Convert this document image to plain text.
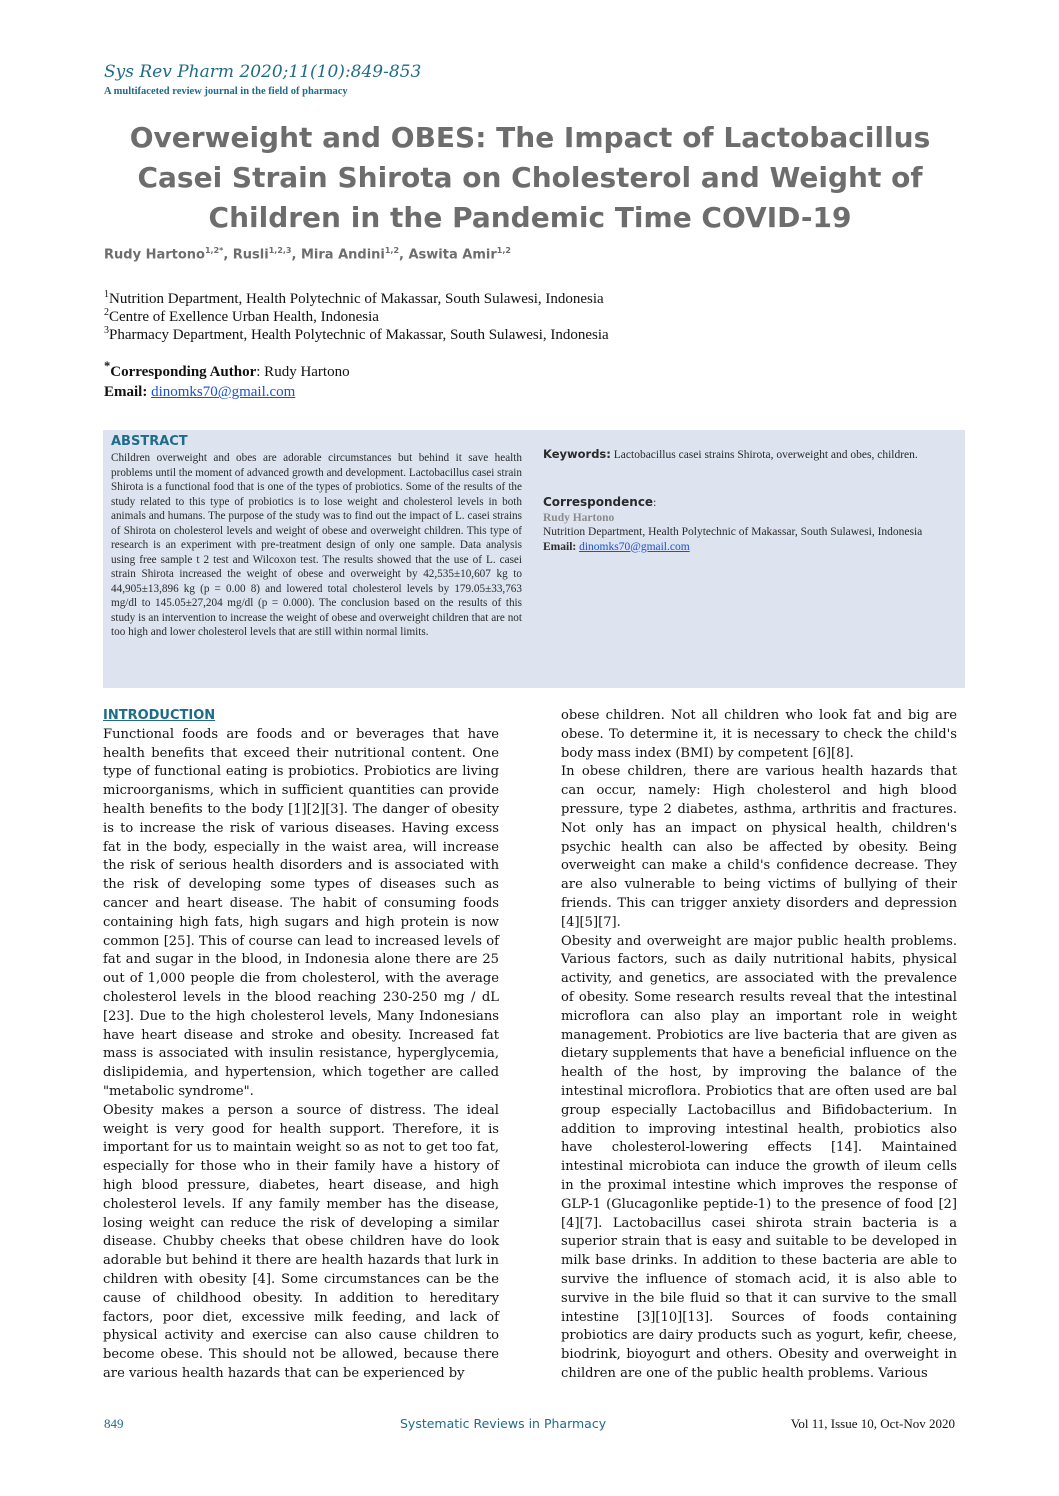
Sys Rev Pharm 2020;11(10):849-853
A multifaceted review journal in the field of pharmacy
Overweight and OBES: The Impact of Lactobacillus Casei Strain Shirota on Cholesterol and Weight of Children in the Pandemic Time COVID-19
Rudy Hartono$^{1,2*}$, Rusli$^{1,2,3}$, Mira Andini$^{1,2}$, Aswita Amir$^{1,2}$
$^1$Nutrition Department, Health Polytechnic of Makassar, South Sulawesi, Indonesia
$^2$Centre of Exellence Urban Health, Indonesia
$^3$Pharmacy Department, Health Polytechnic of Makassar, South Sulawesi, Indonesia
*Corresponding Author: Rudy Hartono
Email: dinomks70@gmail.com
ABSTRACT
Children overweight and obes are adorable circumstances but behind it save health problems until the moment of advanced growth and development. Lactobacillus casei strain Shirota is a functional food that is one of the types of probiotics. Some of the results of the study related to this type of probiotics is to lose weight and cholesterol levels in both animals and humans. The purpose of the study was to find out the impact of L. casei strains of Shirota on cholesterol levels and weight of obese and overweight children. This type of research is an experiment with pre-treatment design of only one sample. Data analysis using free sample t 2 test and Wilcoxon test. The results showed that the use of L. casei strain Shirota increased the weight of obese and overweight by 42,535±10,607 kg to 44,905±13,896 kg (p = 0.00 8) and lowered total cholesterol levels by 179.05±33,763 mg/dl to 145.05±27,204 mg/dl (p = 0.000). The conclusion based on the results of this study is an intervention to increase the weight of obese and overweight children that are not too high and lower cholesterol levels that are still within normal limits.
Keywords: Lactobacillus casei strains Shirota, overweight and obes, children.
Correspondence:
Rudy Hartono
Nutrition Department, Health Polytechnic of Makassar, South Sulawesi, Indonesia
Email: dinomks70@gmail.com
INTRODUCTION

Functional foods are foods and or beverages that have health benefits that exceed their nutritional content. One type of functional eating is probiotics. Probiotics are living microorganisms, which in sufficient quantities can provide health benefits to the body [1][2][3]. The danger of obesity is to increase the risk of various diseases. Having excess fat in the body, especially in the waist area, will increase the risk of serious health disorders and is associated with the risk of developing some types of diseases such as cancer and heart disease. The habit of consuming foods containing high fats, high sugars and high protein is now common [25]. This of course can lead to increased levels of fat and sugar in the blood, in Indonesia alone there are 25 out of 1,000 people die from cholesterol, with the average cholesterol levels in the blood reaching 230-250 mg / dL [23]. Due to the high cholesterol levels, Many Indonesians have heart disease and stroke and obesity. Increased fat mass is associated with insulin resistance, hyperglycemia, dislipidemia, and hypertension, which together are called "metabolic syndrome".

Obesity makes a person a source of distress. The ideal weight is very good for health support. Therefore, it is important for us to maintain weight so as not to get too fat, especially for those who in their family have a history of high blood pressure, diabetes, heart disease, and high cholesterol levels. If any family member has the disease, losing weight can reduce the risk of developing a similar disease. Chubby cheeks that obese children have do look adorable but behind it there are health hazards that lurk in children with obesity [4]. Some circumstances can be the cause of childhood obesity. In addition to hereditary factors, poor diet, excessive milk feeding, and lack of physical activity and exercise can also cause children to become obese. This should not be allowed, because there are various health hazards that can be experienced by

obese children. Not all children who look fat and big are obese. To determine it, it is necessary to check the child's body mass index (BMI) by competent [6][8].

In obese children, there are various health hazards that can occur, namely: High cholesterol and high blood pressure, type 2 diabetes, asthma, arthritis and fractures. Not only has an impact on physical health, children's psychic health can also be affected by obesity. Being overweight can make a child's confidence decrease. They are also vulnerable to being victims of bullying of their friends. This can trigger anxiety disorders and depression [4][5][7].

Obesity and overweight are major public health problems. Various factors, such as daily nutritional habits, physical activity, and genetics, are associated with the prevalence of obesity. Some research results reveal that the intestinal microflora can also play an important role in weight management. Probiotics are live bacteria that are given as dietary supplements that have a beneficial influence on the health of the host, by improving the balance of the intestinal microflora. Probiotics that are often used are bal group especially Lactobacillus and Bifidobacterium. In addition to improving intestinal health, probiotics also have cholesterol-lowering effects [14]. Maintained intestinal microbiota can induce the growth of ileum cells in the proximal intestine which improves the response of GLP-1 (Glucagonlike peptide-1) to the presence of food [2][4][7]. Lactobacillus casei shirota strain bacteria is a superior strain that is easy and suitable to be developed in milk base drinks. In addition to these bacteria are able to survive the influence of stomach acid, it is also able to survive in the bile fluid so that it can survive to the small intestine [3][10][13]. Sources of foods containing probiotics are dairy products such as yogurt, kefir, cheese, biodrink, bioyogurt and others. Obesity and overweight in children are one of the public health problems. Various

849	Systematic Reviews in Pharmacy	Vol 11, Issue 10, Oct-Nov 2020
